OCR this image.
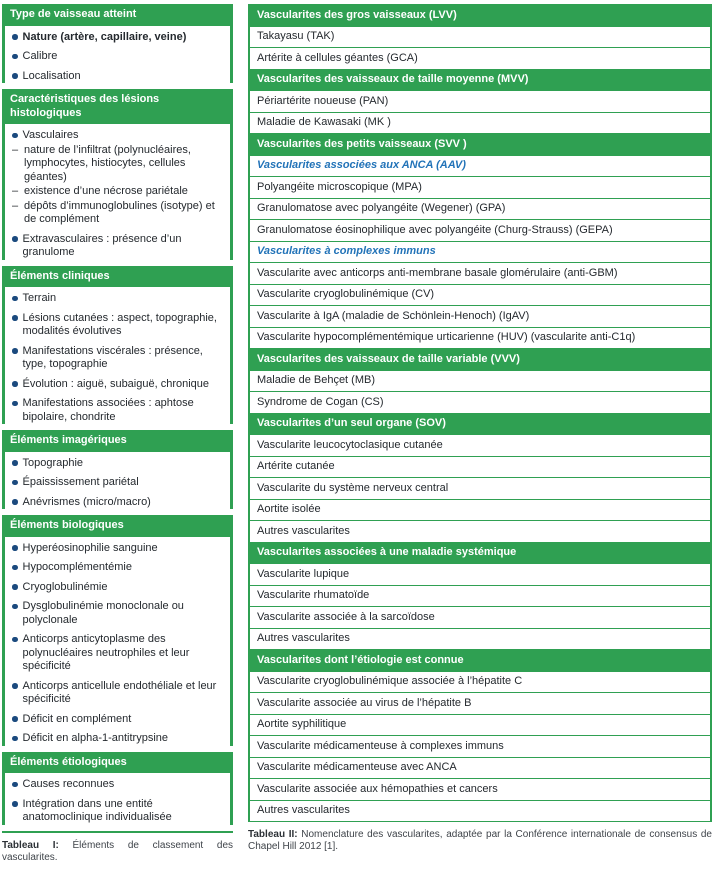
Type de vaisseau atteint
Nature (artère, capillaire, veine)
Calibre
Localisation
Caractéristiques des lésions histologiques
Vasculaires
– nature de l’infiltrat (polynucléaires, lymphocytes, histiocytes, cellules géantes)
– existence d’une nécrose pariétale
– dépôts d’immunoglobulines (isotype) et de complément
Extravasculaires : présence d’un granulome
Éléments cliniques
Terrain
Lésions cutanées : aspect, topographie, modalités évolutives
Manifestations viscérales : présence, type, topographie
Évolution : aiguë, subaiguë, chronique
Manifestations associées : aphtose bipolaire, chondrite
Éléments imagériques
Topographie
Épaississement pariétal
Anévrismes (micro/macro)
Éléments biologiques
Hyperéosinophilie sanguine
Hypocomplémentémie
Cryoglobulinémie
Dysglobulinémie monoclonale ou polyclonale
Anticorps anticytoplasme des polynucléaires neutrophiles et leur spécificité
Anticorps anticellule endothéliale et leur spécificité
Déficit en complément
Déficit en alpha-1-antitrypsine
Éléments étiologiques
Causes reconnues
Intégration dans une entité anatomoclinique individualisée

Tableau I: Éléments de classement des vascularites.

Vascularites des gros vaisseaux (LVV)
Takayasu (TAK)
Artérite à cellules géantes (GCA)
Vascularites des vaisseaux de taille moyenne (MVV)
Périartérite noueuse (PAN)
Maladie de Kawasaki (MK )
Vascularites des petits vaisseaux (SVV )
Vascularites associées aux ANCA (AAV)
Polyangéite microscopique (MPA)
Granulomatose avec polyangéite (Wegener) (GPA)
Granulomatose éosinophilique avec polyangéite (Churg-Strauss) (GEPA)
Vascularites à complexes immuns
Vascularite avec anticorps anti-membrane basale glomérulaire (anti-GBM)
Vascularite cryoglobulinémique (CV)
Vascularite à IgA (maladie de Schönlein-Henoch) (IgAV)
Vascularite hypocomplémentémique urticarienne (HUV) (vascularite anti-C1q)
Vascularites des vaisseaux de taille variable (VVV)
Maladie de Behçet (MB)
Syndrome de Cogan (CS)
Vascularites d’un seul organe (SOV)
Vascularite leucocytoclasique cutanée
Artérite cutanée
Vascularite du système nerveux central
Aortite isolée
Autres vascularites
Vascularites associées à une maladie systémique
Vascularite lupique
Vascularite rhumatoïde
Vascularite associée à la sarcoïdose
Autres vascularites
Vascularites dont l’étiologie est connue
Vascularite cryoglobulinémique associée à l’hépatite C
Vascularite associée au virus de l’hépatite B
Aortite syphilitique
Vascularite médicamenteuse à complexes immuns
Vascularite médicamenteuse avec ANCA
Vascularite associée aux hémopathies et cancers
Autres vascularites

Tableau II: Nomenclature des vascularites, adaptée par la Conférence internationale de consensus de Chapel Hill 2012 [1].
